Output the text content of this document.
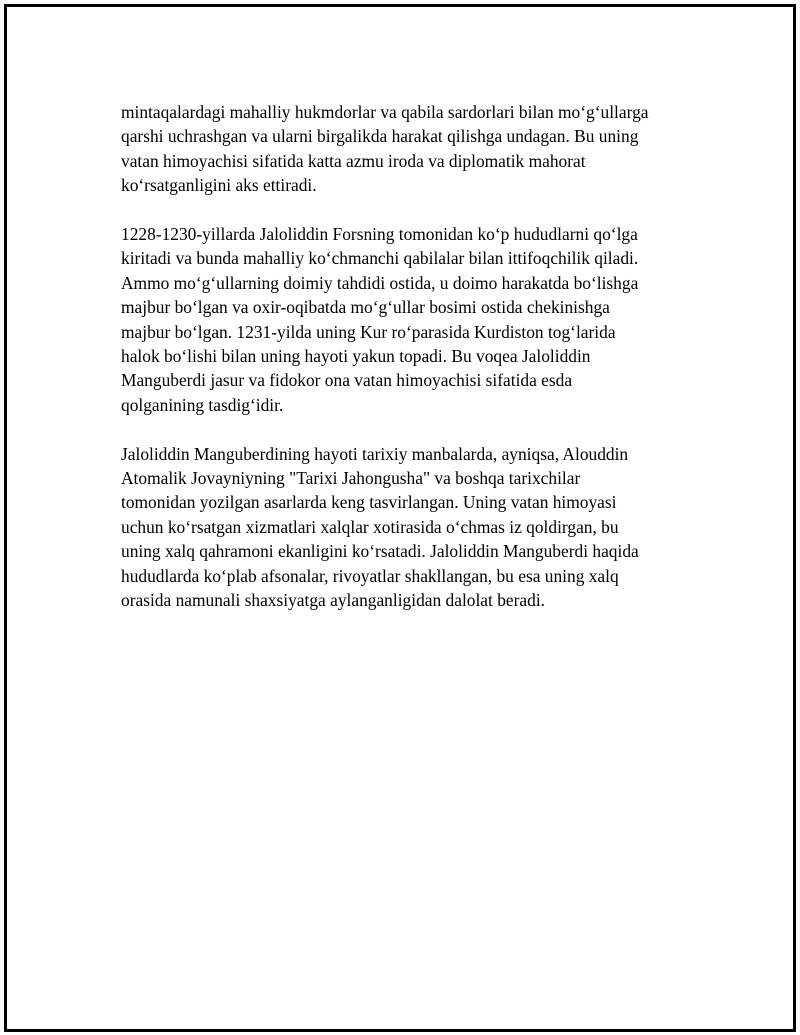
mintaqalardagi mahalliy hukmdorlar va qabila sardorlari bilan mo‘g‘ullarga
qarshi uchrashgan va ularni birgalikda harakat qilishga undagan. Bu uning
vatan himoyachisi sifatida katta azmu iroda va diplomatik mahorat
ko‘rsatganligini aks ettiradi.

1228-1230-yillarda Jaloliddin Forsning tomonidan ko‘p hududlarni qo‘lga
kiritadi va bunda mahalliy ko‘chmanchi qabilalar bilan ittifoqchilik qiladi.
Ammo mo‘g‘ullarning doimiy tahdidi ostida, u doimo harakatda bo‘lishga
majbur bo‘lgan va oxir-oqibatda mo‘g‘ullar bosimi ostida chekinishga
majbur bo‘lgan. 1231-yilda uning Kur ro‘parasida Kurdiston tog‘larida
halok bo‘lishi bilan uning hayoti yakun topadi. Bu voqea Jaloliddin
Manguberdi jasur va fidokor ona vatan himoyachisi sifatida esda
qolganining tasdig‘idir.

Jaloliddin Manguberdining hayoti tarixiy manbalarda, ayniqsa, Alouddin
Atomalik Jovayniyning "Tarixi Jahongusha" va boshqa tarixchilar
tomonidan yozilgan asarlarda keng tasvirlangan. Uning vatan himoyasi
uchun ko‘rsatgan xizmatlari xalqlar xotirasida o‘chmas iz qoldirgan, bu
uning xalq qahramoni ekanligini ko‘rsatadi. Jaloliddin Manguberdi haqida
hududlarda ko‘plab afsonalar, rivoyatlar shakllangan, bu esa uning xalq
orasida namunali shaxsiyatga aylanganligidan dalolat beradi.
